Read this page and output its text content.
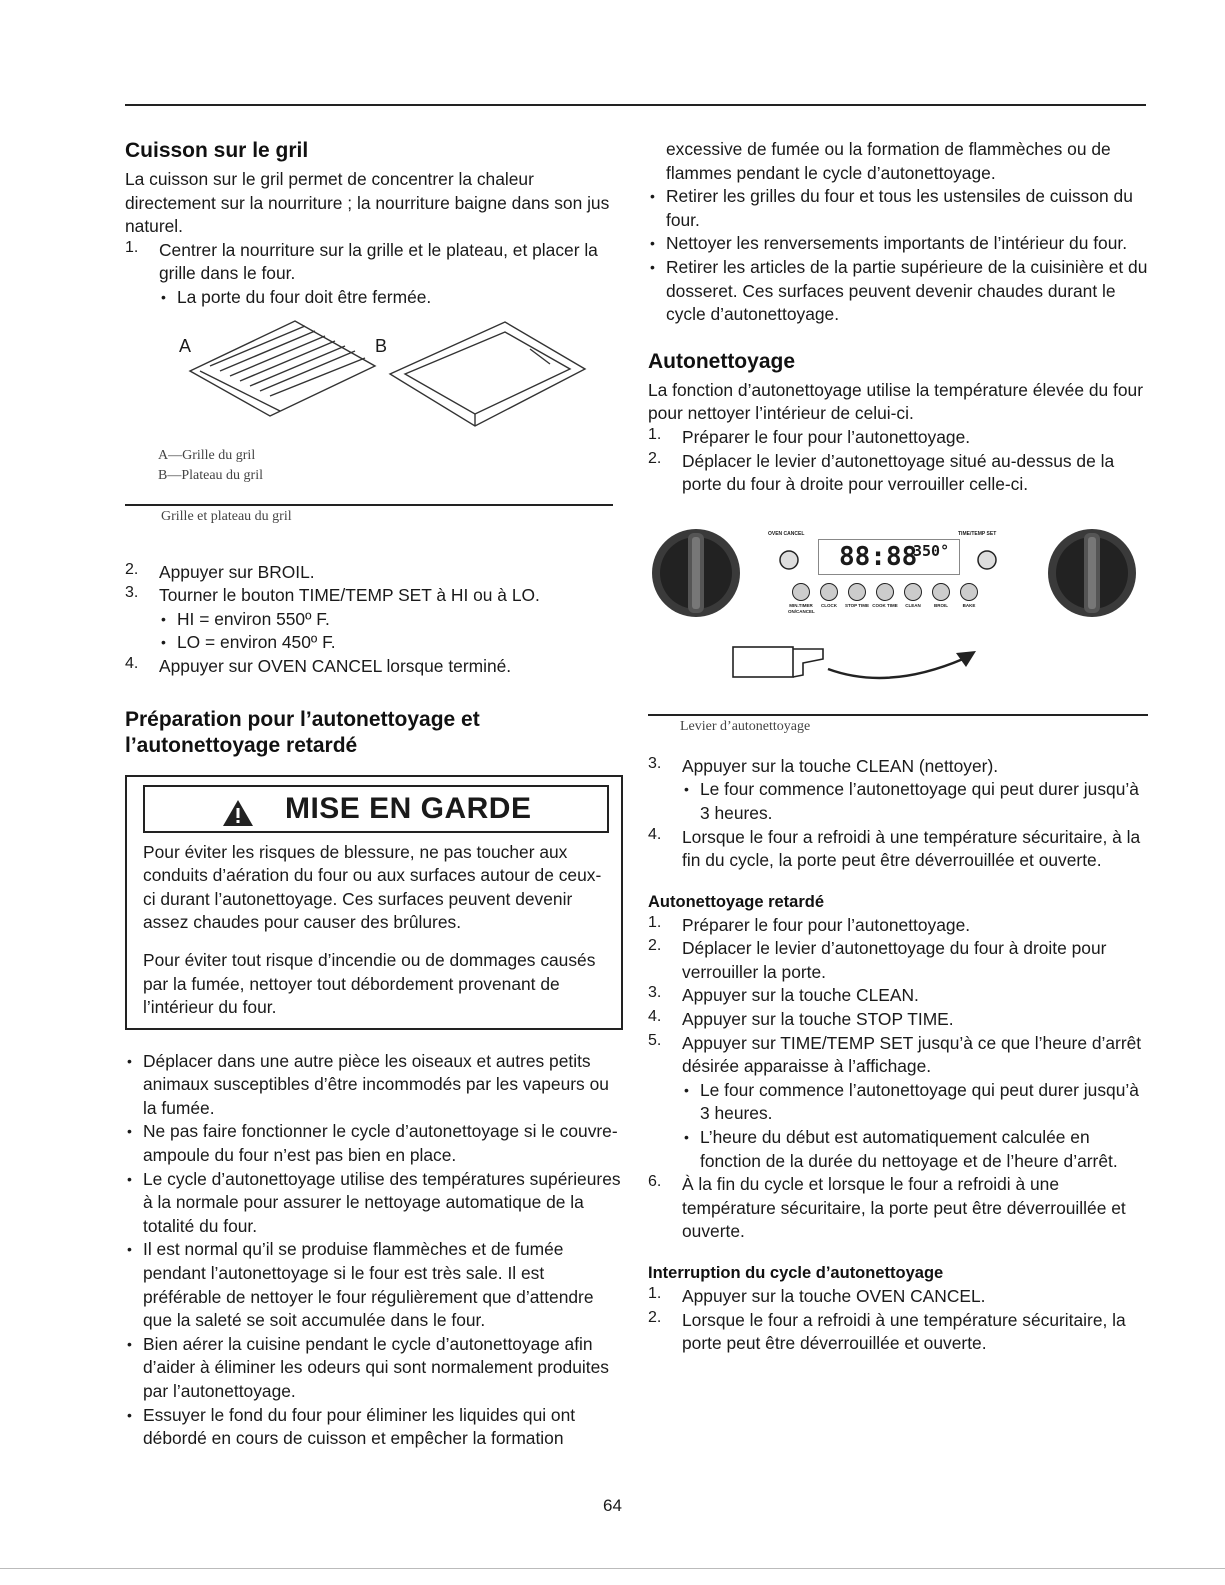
Cuisson sur le gril

La cuisson sur le gril permet de concentrer la chaleur directement sur la nourriture ; la nourriture baigne dans son jus naturel.

1. Centrer la nourriture sur la grille et le plateau, et placer la grille dans le four.

• La porte du four doit être fermée.

A	B
A—Grille du gril
B—Plateau du gril
Grille et plateau du gril
2. Appuyer sur BROIL.

3. Tourner le bouton TIME/TEMP SET à HI ou à LO.

• HI = environ 550º F.

• LO = environ 450º F.

4. Appuyer sur OVEN CANCEL lorsque terminé.

Préparation pour l’autonettoyage et
l’autonettoyage retardé
MISE EN GARDE

Pour éviter les risques de blessure, ne pas toucher aux conduits d’aération du four ou aux surfaces autour de ceux-ci durant l’autonettoyage. Ces surfaces peuvent devenir assez chaudes pour causer des brûlures.

Pour éviter tout risque d’incendie ou de dommages causés par la fumée, nettoyer tout débordement provenant de l’intérieur du four.

• Déplacer dans une autre pièce les oiseaux et autres petits animaux susceptibles d’être incommodés par les vapeurs ou la fumée.
• Ne pas faire fonctionner le cycle d’autonettoyage si le couvre-ampoule du four n’est pas bien en place.
• Le cycle d’autonettoyage utilise des températures supérieures à la normale pour assurer le nettoyage automatique de la totalité du four.
• Il est normal qu’il se produise flammèches et de fumée pendant l’autonettoyage si le four est très sale. Il est préférable de nettoyer le four régulièrement que d’attendre que la saleté se soit accumulée dans le four.
• Bien aérer la cuisine pendant le cycle d’autonettoyage afin d’aider à éliminer les odeurs qui sont normalement produites par l’autonettoyage.
• Essuyer le fond du four pour éliminer les liquides qui ont débordé en cours de cuisson et empêcher la formation

excessive de fumée ou la formation de flammèches ou de flammes pendant le cycle d’autonettoyage.

• Retirer les grilles du four et tous les ustensiles de cuisson du four.
• Nettoyer les renversements importants de l’intérieur du four.
• Retirer les articles de la partie supérieure de la cuisinière et du dosseret. Ces surfaces peuvent devenir chaudes durant le cycle d’autonettoyage.
Autonettoyage

La fonction d’autonettoyage utilise la température élevée du four pour nettoyer l’intérieur de celui-ci.

1. Préparer le four pour l’autonettoyage.

2. Déplacer le levier d’autonettoyage situé au-dessus de la porte du four à droite pour verrouiller celle-ci.

OVEN CANCEL	TIME/TEMP SET
88:88
350°
MIN.TIMER ON/CANCEL
CLOCK	STOP TIME COOK TIME	CLEAN	BROIL	BAKE
Levier d’autonettoyage
3. Appuyer sur la touche CLEAN (nettoyer).

• Le four commence l’autonettoyage qui peut durer jusqu’à 3 heures.

4. Lorsque le four a refroidi à une température sécuritaire, à la fin du cycle, la porte peut être déverrouillée et ouverte.

Autonettoyage retardé
1. Préparer le four pour l’autonettoyage.

2. Déplacer le levier d’autonettoyage du four à droite pour verrouiller la porte.

3. Appuyer sur la touche CLEAN.

4. Appuyer sur la touche STOP TIME.

5. Appuyer sur TIME/TEMP SET jusqu’à ce que l’heure d’arrêt désirée apparaisse à l’affichage.

• Le four commence l’autonettoyage qui peut durer jusqu’à 3 heures.

• L’heure du début est automatiquement calculée en fonction de la durée du nettoyage et de l’heure d’arrêt.

6. À la fin du cycle et lorsque le four a refroidi à une température sécuritaire, la porte peut être déverrouillée et ouverte.

Interruption du cycle d’autonettoyage
1. Appuyer sur la touche OVEN CANCEL.

2. Lorsque le four a refroidi à une température sécuritaire, la porte peut être déverrouillée et ouverte.

64
